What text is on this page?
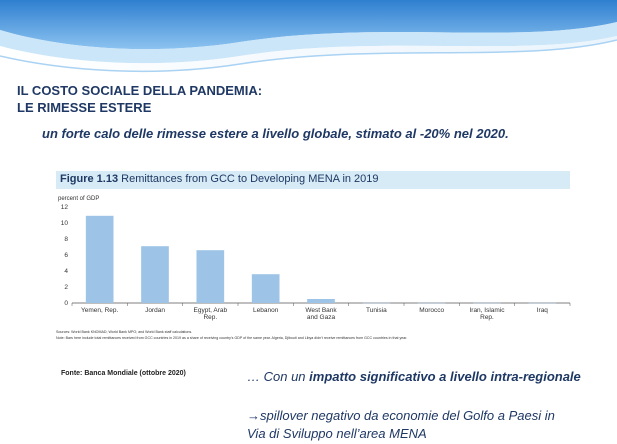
IL COSTO SOCIALE DELLA PANDEMIA:
LE RIMESSE ESTERE
un forte calo delle rimesse estere a livello globale, stimato al -20% nel 2020.
Figure 1.13 Remittances from GCC to Developing MENA in 2019
percent of GDP
0
2
4
6
8
10
12
Yemen, Rep.	Jordan	Egypt, Arab
Rep.
Lebanon	West Bank
and Gaza
Tunisia	Morocco	Iran, Islamic
Rep.
Iraq
Sources: World Bank KNOMAD; World Bank MPO; and World Bank staff calculations.
Note: Bars here include total remittances received from GCC countries in 2019 as a share of receiving country's GDP of the same year. Algeria, Djibouti and Libya didn't receive remittances from GCC countries in that year.
Fonte: Banca Mondiale (ottobre 2020)	… Con un impatto significativo a livello intra-regionale
→spillover negativo da economie del Golfo a Paesi in
Via di Sviluppo nell’area MENA
